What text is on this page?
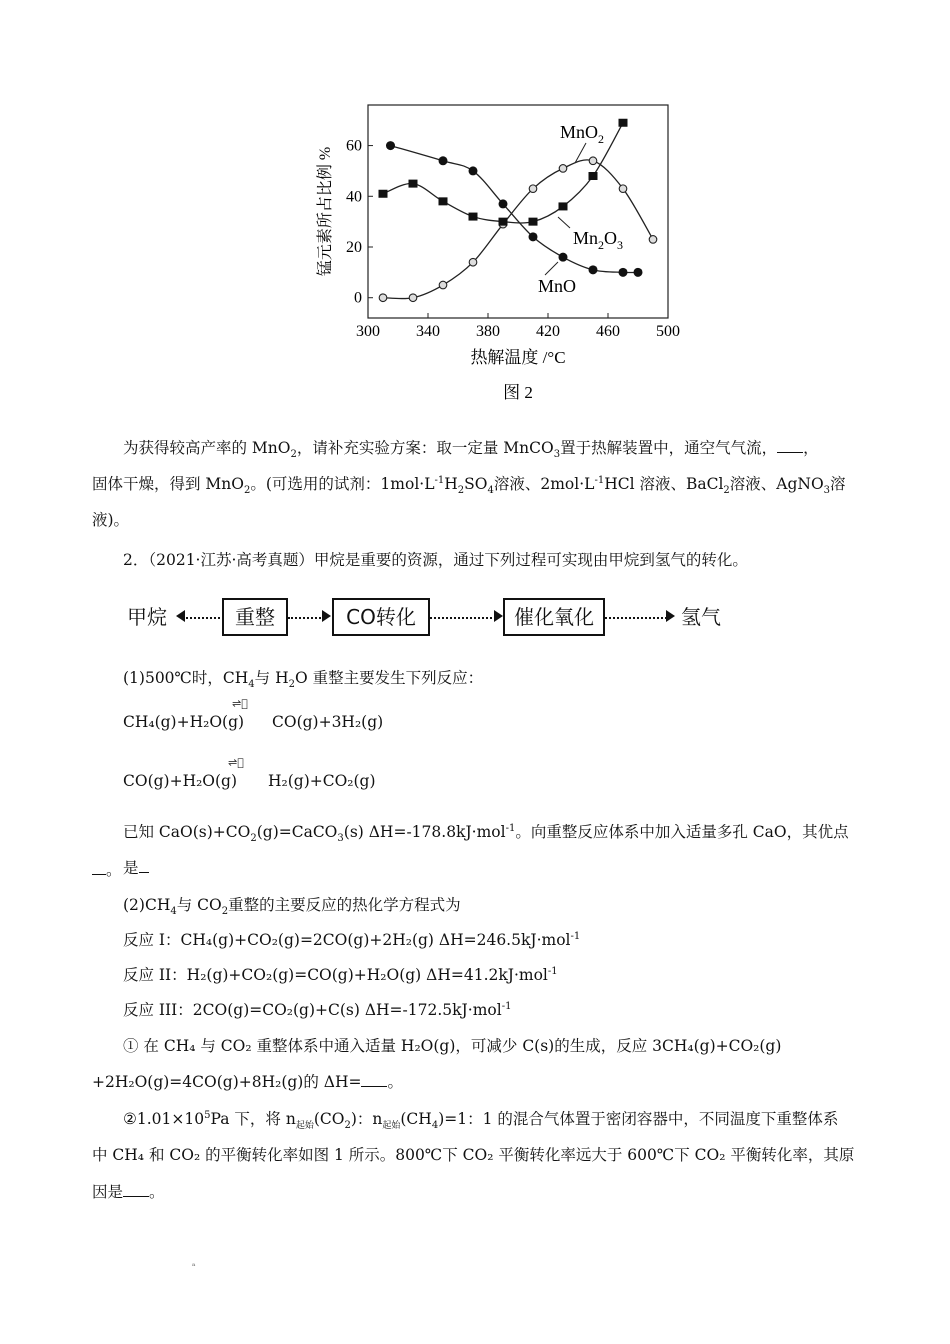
300 340 380 420 460 500
0
20
40
60
热解温度 /°C
锰元素所占比例 %
图 2
MnO
MnO$_2$
$Mn_2O_3$
为获得较高产率的 MnO$_2$，请补充实验方案：取一定量 MnCO$_3$置于热解装置中，通空气气流， ，
固体干燥，得到 MnO$_2$。(可选用的试剂：$1mol\cdot L^{-1}H_2SO_4$溶液、$2mol\cdot L^{-1}HCl$ 溶液、BaCl$_2$溶液、AgNO$_3$溶
液)。
2．（2021·江苏·高考真题）甲烷是重要的资源，通过下列过程可实现由甲烷到氢气的转化。
甲烷	重整	CO转化	催化氧化	氢气
(1)500℃时，$CH_4$与 $H_2O$ 重整主要发生下列反应：
⇌⃞
CH₄(g)+H₂O(g) CO(g)+3H₂(g)
⇌⃞
CO(g)+H₂O(g) H₂(g)+CO₂(g)
已知 $CaO(s)+CO_2(g)=CaCO_3(s)$ ΔH=-178.8kJ·mol$^{-1}$。向重整反应体系中加入适量多孔 CaO，其优点是
。
$(2)CH_4$与 $CO_2$重整的主要反应的热化学方程式为
反应 I：CH₄(g)+CO₂(g)=2CO(g)+2H₂(g) ΔH=246.5kJ·mol$^{-1}$
反应 II：H₂(g)+CO₂(g)=CO(g)+H₂O(g) ΔH=41.2kJ·mol$^{-1}$
反应 III：2CO(g)=CO₂(g)+C(s) ΔH=-172.5kJ·mol$^{-1}$
① 在 CH₄ 与 CO₂ 重整体系中通入适量 H₂O(g)，可减少 C(s)的生成，反应 3CH₄(g)+CO₂(g)
+2H₂O(g)=4CO(g)+8H₂(g)的 ΔH= 。
$②1.01\times 10^5Pa$ 下，将 $n_{起始}(CO_2)$：$n_{起始}(CH_4)=1$：1 的混合气体置于密闭容器中，不同温度下重整体系
中 CH₄ 和 CO₂ 的平衡转化率如图 1 所示。800℃下 CO₂ 平衡转化率远大于 600℃下 CO₂ 平衡转化率，其原
因是 。
ᵃ
